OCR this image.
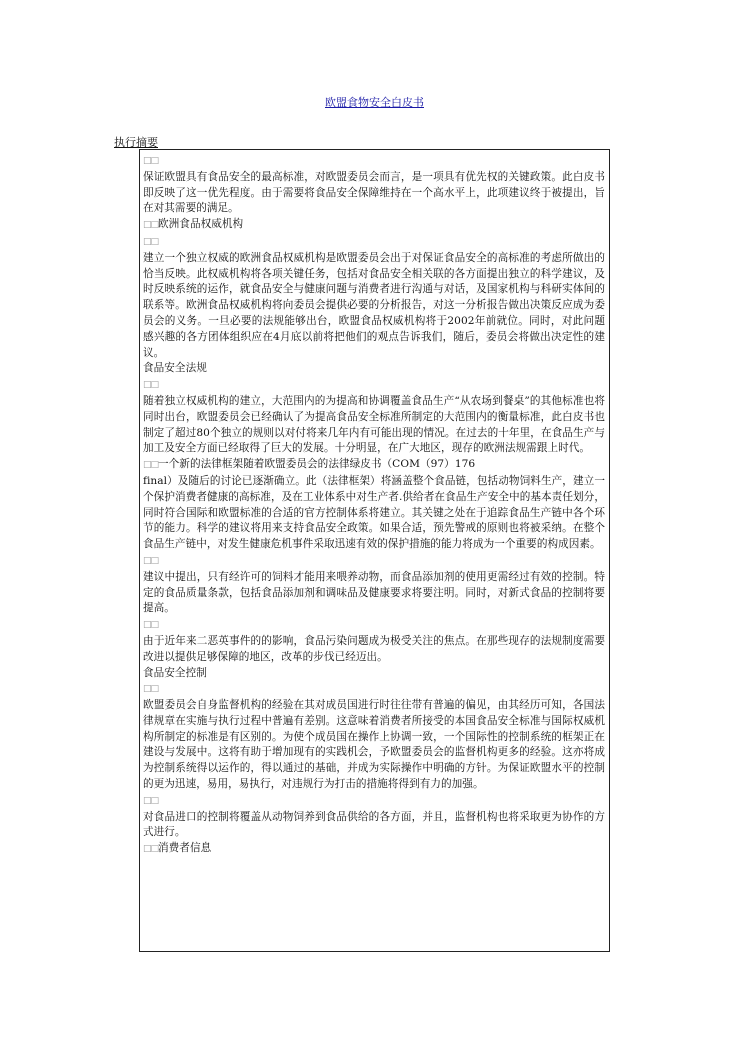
欧盟食物安全白皮书
执行摘要

□□

保证欧盟具有食品安全的最高标准，对欧盟委员会而言，是一项具有优先权的关键政策。此白皮书即反映了这一优先程度。由于需要将食品安全保障维持在一个高水平上，此项建议终于被提出，旨在对其需要的满足。

□□欧洲食品权威机构

□□

建立一个独立权威的欧洲食品权威机构是欧盟委员会出于对保证食品安全的高标准的考虑所做出的恰当反映。此权威机构将各项关键任务，包括对食品安全相关联的各方面提出独立的科学建议，及时反映系统的运作，就食品安全与健康问题与消费者进行沟通与对话，及国家机构与科研实体间的联系等。欧洲食品权威机构将向委员会提供必要的分析报告，对这一分析报告做出决策反应成为委员会的义务。一旦必要的法规能够出台，欧盟食品权威机构将于2002年前就位。同时，对此问题感兴趣的各方团体组织应在4月底以前将把他们的观点告诉我们，随后，委员会将做出决定性的建议。

食品安全法规

□□

随着独立权威机构的建立，大范围内的为提高和协调覆盖食品生产“从农场到餐桌”的其他标准也将同时出台，欧盟委员会已经确认了为提高食品安全标准所制定的大范围内的衡量标准，此白皮书也制定了超过80个独立的规则以对付将来几年内有可能出现的情况。在过去的十年里，在食品生产与加工及安全方面已经取得了巨大的发展。十分明显，在广大地区，现存的欧洲法规需跟上时代。

□□一个新的法律框架随着欧盟委员会的法律绿皮书（COM（97）176

final）及随后的讨论已逐渐确立。此（法律框架）将涵盖整个食品链，包括动物饲料生产，建立一个保护消费者健康的高标准，及在工业体系中对生产者.供给者在食品生产安全中的基本责任划分，同时符合国际和欧盟标准的合适的官方控制体系将建立。其关键之处在于追踪食品生产链中各个环节的能力。科学的建议将用来支持食品安全政策。如果合适，预先警戒的原则也将被采纳。在整个食品生产链中，对发生健康危机事件采取迅速有效的保护措施的能力将成为一个重要的构成因素。

□□

建议中提出，只有经许可的饲料才能用来喂养动物，而食品添加剂的使用更需经过有效的控制。特定的食品质量条款，包括食品添加剂和调味品及健康要求将要注明。同时，对新式食品的控制将要提高。

□□

由于近年来二恶英事件的的影响，食品污染问题成为极受关注的焦点。在那些现存的法规制度需要改进以提供足够保障的地区，改革的步伐已经迈出。

食品安全控制

□□

欧盟委员会自身监督机构的经验在其对成员国进行时往往带有普遍的偏见，由其经历可知，各国法律规章在实施与执行过程中普遍有差别。这意味着消费者所接受的本国食品安全标准与国际权威机构所制定的标准是有区别的。为使个成员国在操作上协调一致，一个国际性的控制系统的框架正在建设与发展中。这将有助于增加现有的实践机会，予欧盟委员会的监督机构更多的经验。这亦将成为控制系统得以运作的，得以通过的基础，并成为实际操作中明确的方针。为保证欧盟水平的控制的更为迅速，易用，易执行，对违规行为打击的措施将得到有力的加强。

□□

对食品进口的控制将覆盖从动物饲养到食品供给的各方面，并且，监督机构也将采取更为协作的方式进行。

□□消费者信息
